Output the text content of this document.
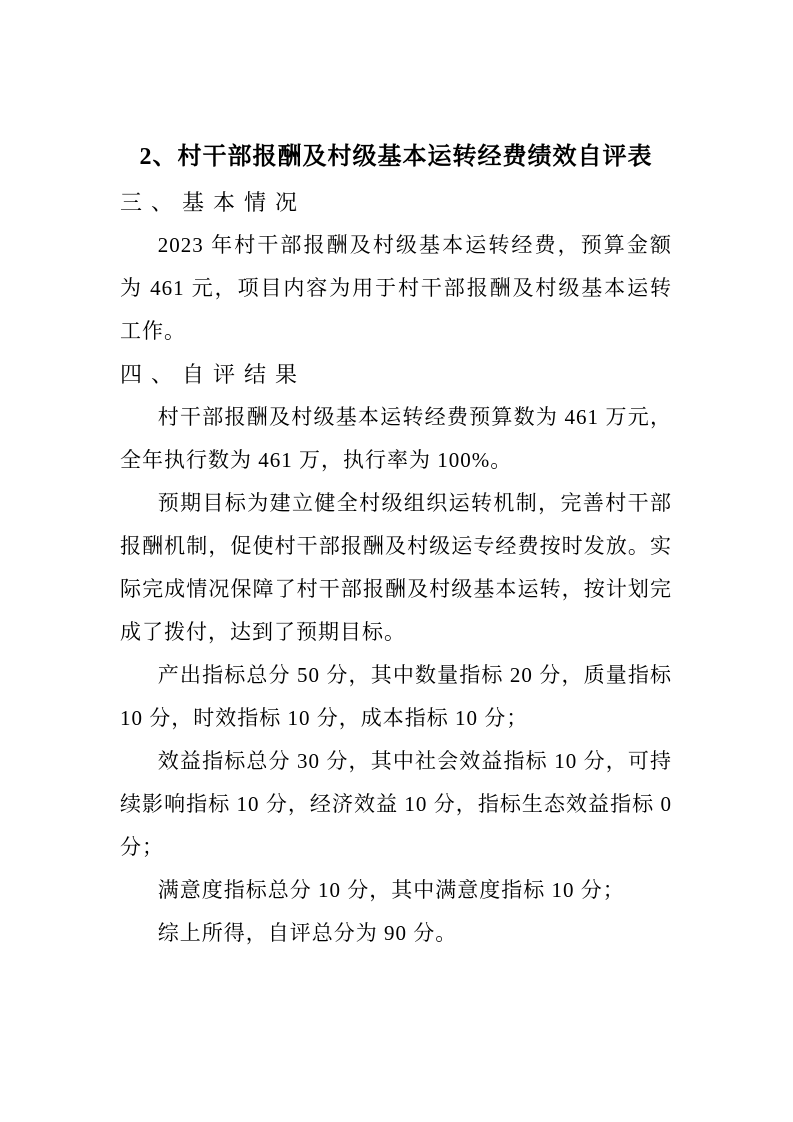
2、村干部报酬及村级基本运转经费绩效自评表
三、基本情况

2023 年村干部报酬及村级基本运转经费，预算金额为 461 元，项目内容为用于村干部报酬及村级基本运转工作。

四、自评结果

村干部报酬及村级基本运转经费预算数为 461 万元，全年执行数为 461 万，执行率为 100%。

预期目标为建立健全村级组织运转机制，完善村干部报酬机制，促使村干部报酬及村级运专经费按时发放。实际完成情况保障了村干部报酬及村级基本运转，按计划完成了拨付，达到了预期目标。

产出指标总分 50 分，其中数量指标 20 分，质量指标 10 分，时效指标 10 分，成本指标 10 分；

效益指标总分 30 分，其中社会效益指标 10 分，可持续影响指标 10 分，经济效益 10 分，指标生态效益指标 0 分；

满意度指标总分 10 分，其中满意度指标 10 分；

综上所得，自评总分为 90 分。
